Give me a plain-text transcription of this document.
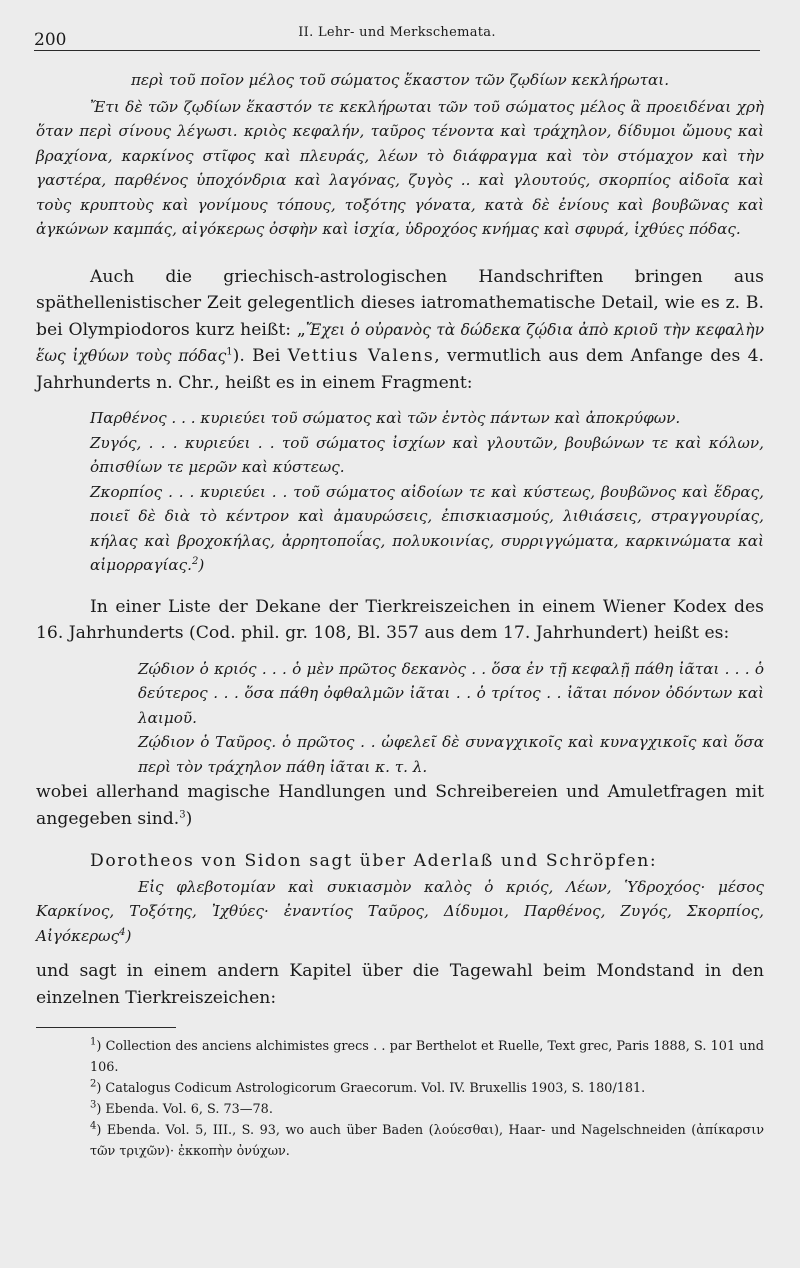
200	II. Lehr- und Merkschemata.

περὶ τοῦ ποῖον μέλος τοῦ σώματος ἕκαστον τῶν ζῳδίων κεκλήρωται.

Ἔτι δὲ τῶν ζῳδίων ἕκαστόν τε κεκλήρωται τῶν τοῦ σώματος μέλος ἃ προειδέναι χρὴ ὅταν περὶ σίνους λέγωσι. κριὸς κεφαλήν, ταῦρος τένοντα καὶ τράχηλον, δίδυμοι ὤμους καὶ βραχίονα, καρκίνος στῖφος καὶ πλευράς, λέων τὸ διάφραγμα καὶ τὸν στόμαχον καὶ τὴν γαστέρα, παρθένος ὑποχόνδρια καὶ λαγόνας, ζυγὸς .. καὶ γλουτούς, σκορπίος αἰδοῖα καὶ τοὺς κρυπτοὺς καὶ γονίμους τόπους, τοξότης γόνατα, κατὰ δὲ ἐνίους καὶ βουβῶνας καὶ ἀγκώνων καμπάς, αἰγόκερως ὀσφὴν καὶ ἰσχία, ὑδροχόος κνήμας καὶ σφυρά, ἰχθύες πόδας.

Auch die griechisch-astrologischen Handschriften bringen aus späthellenistischer Zeit gelegentlich dieses iatromathematische Detail, wie es z. B. bei Olympiodoros kurz heißt: „Ἔχει ὁ οὐρανὸς τὰ δώδεκα ζῴδια ἀπὸ κριοῦ τὴν κεφαλὴν ἕως ἰχθύων τοὺς πόδας$^1$). Bei Vettius Valens, vermutlich aus dem Anfange des 4. Jahrhunderts n. Chr., heißt es in einem Fragment:

Παρθένος . . . κυριεύει τοῦ σώματος καὶ τῶν ἐντὸς πάντων καὶ ἀποκρύφων.

Ζυγός, . . . κυριεύει . . τοῦ σώματος ἰσχίων καὶ γλουτῶν, βουβώνων τε καὶ κόλων, ὀπισθίων τε μερῶν καὶ κύστεως.

Ζκορπίος . . . κυριεύει . . τοῦ σώματος αἰδοίων τε καὶ κύστεως, βουβῶνος καὶ ἕδρας, ποιεῖ δὲ διὰ τὸ κέντρον καὶ ἀμαυρώσεις, ἐπισκιασμούς, λιθιάσεις, στραγγουρίας, κήλας καὶ βροχοκήλας, ἀρρητοποΐας, πολυκοινίας, συρριγγώματα, καρκινώματα καὶ αἱμορραγίας.$^2$)

In einer Liste der Dekane der Tierkreiszeichen in einem Wiener Kodex des 16. Jahrhunderts (Cod. phil. gr. 108, Bl. 357 aus dem 17. Jahrhundert) heißt es:

Ζῴδιον ὁ κριός . . . ὁ μὲν πρῶτος δεκανὸς . . ὅσα ἐν τῇ κεφαλῇ πάθη ἰᾶται . . . ὁ δεύτερος . . . ὅσα πάθη ὀφθαλμῶν ἰᾶται . . ὁ τρίτος . . ἰᾶται πόνον ὀδόντων καὶ λαιμοῦ.

Ζῴδιον ὁ Ταῦρος. ὁ πρῶτος . . ὠφελεῖ δὲ συναγχικοῖς καὶ κυναγχικοῖς καὶ ὅσα περὶ τὸν τράχηλον πάθη ἰᾶται κ. τ. λ.

wobei allerhand magische Handlungen und Schreibereien und Amuletfragen mit angegeben sind.$^3$)

Dorotheos von Sidon sagt über Aderlaß und Schröpfen:

Εἰς φλεβοτομίαν καὶ συκιασμὸν καλὸς ὁ κριός, Λέων, Ὑδροχόος· μέσος Καρκίνος, Τοξότης, Ἰχθύες· ἐναντίος Ταῦρος, Δίδυμοι, Παρθένος, Ζυγός, Σκορπίος, Αἰγόκερως$^4$)

und sagt in einem andern Kapitel über die Tagewahl beim Mondstand in den einzelnen Tierkreiszeichen:

$^1$) Collection des anciens alchimistes grecs . . par Berthelot et Ruelle, Text grec, Paris 1888, S. 101 und 106.

$^2$) Catalogus Codicum Astrologicorum Graecorum. Vol. IV. Bruxellis 1903, S. 180/181.

$^3$) Ebenda. Vol. 6, S. 73—78.

$^4$) Ebenda. Vol. 5, III., S. 93, wo auch über Baden (λούεσθαι), Haar- und Nagelschneiden (ἀπίκαρσιν τῶν τριχῶν)· ἐκκοπὴν ὀνύχων.
